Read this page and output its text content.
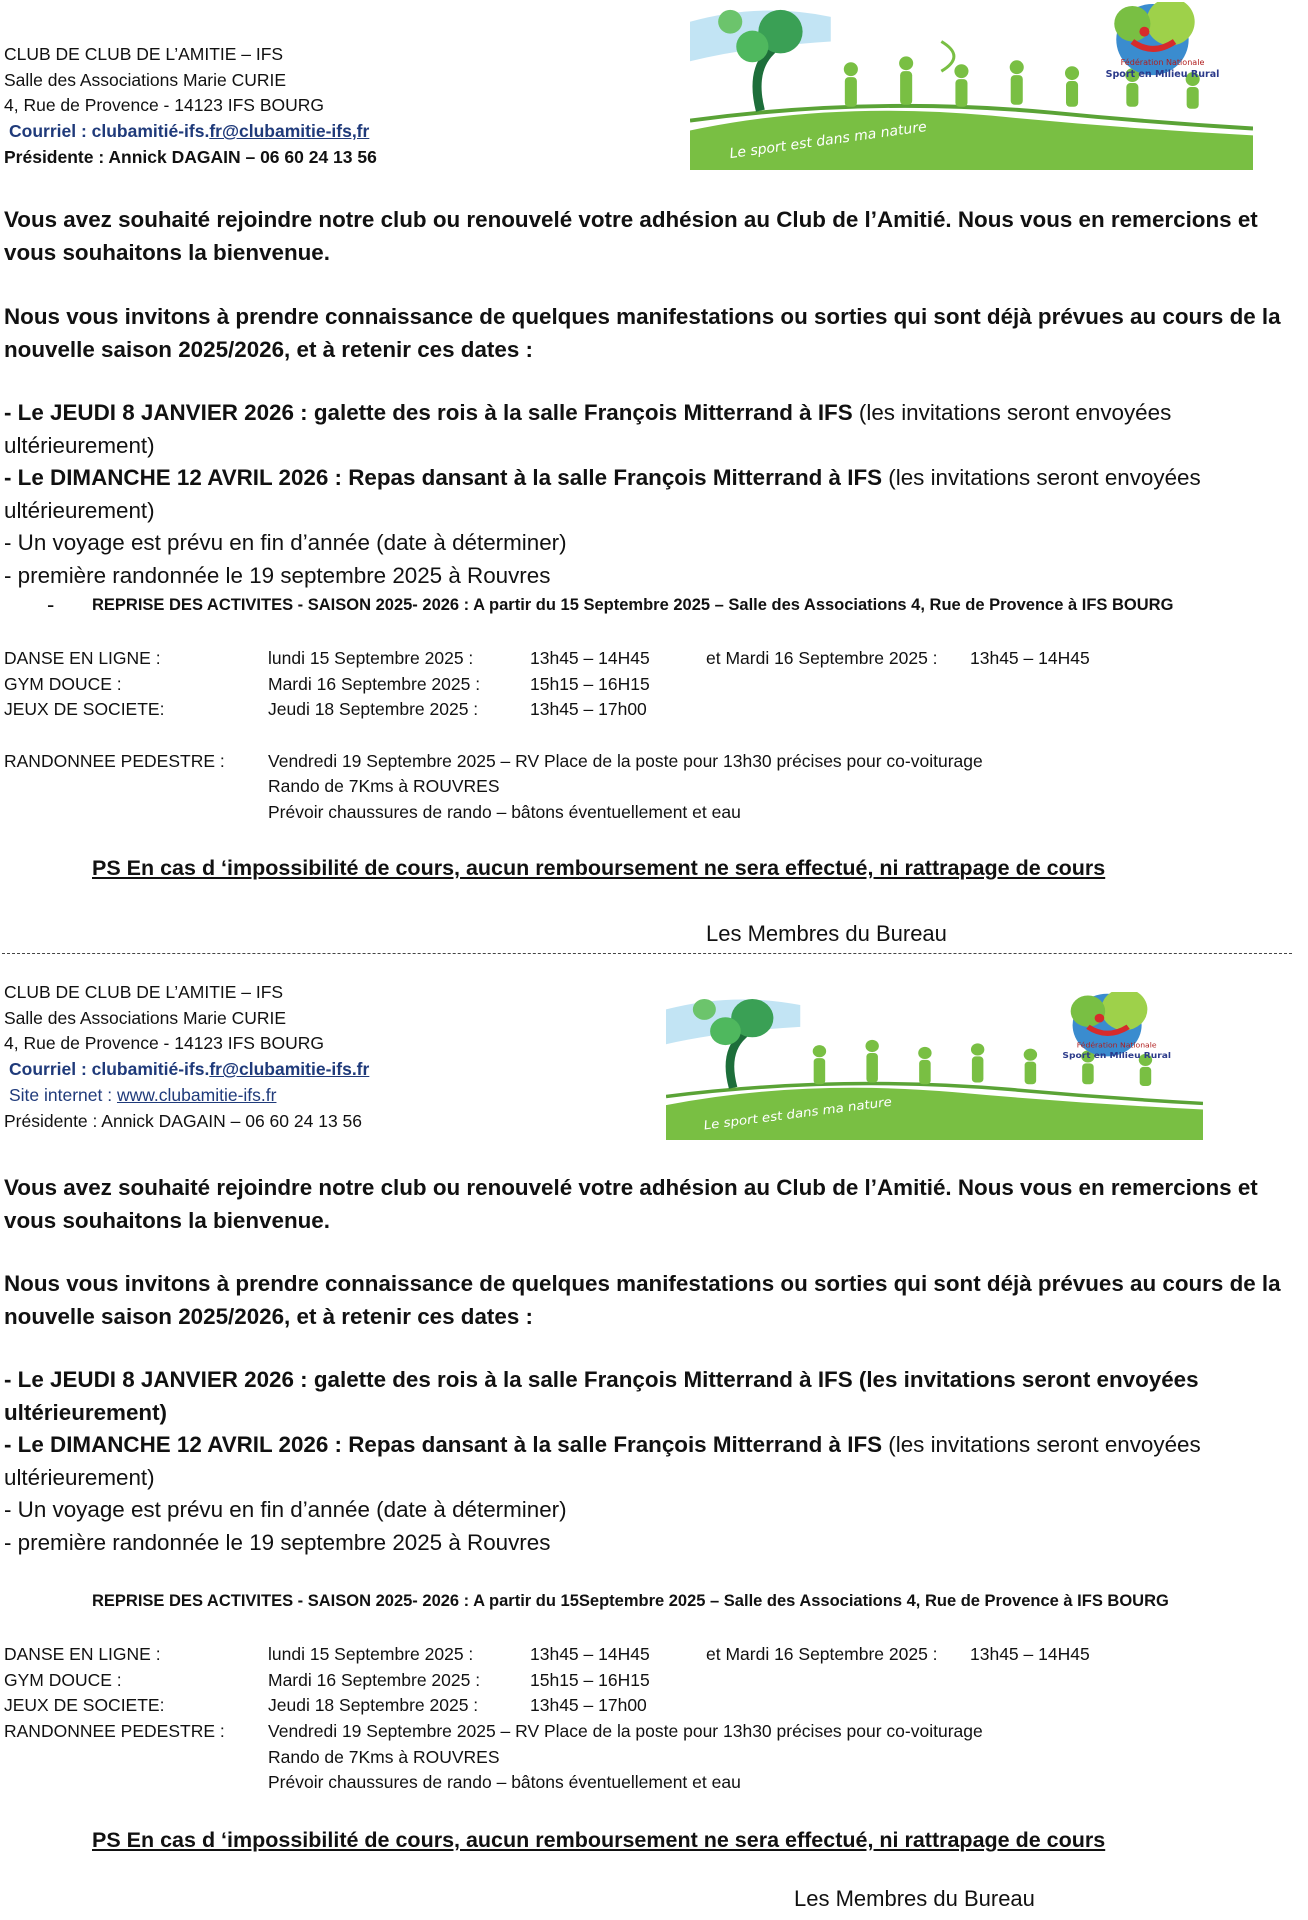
CLUB DE CLUB DE L’AMITIE – IFS
Salle des Associations Marie CURIE
4, Rue de Provence - 14123 IFS BOURG
Courriel : clubamitié-ifs.fr@clubamitie-ifs,fr
Présidente : Annick DAGAIN – 06 60 24 13 56
Fédération Nationale
Sport en Milieu Rural
Le sport est dans ma nature
Vous avez souhaité rejoindre notre club ou renouvelé votre adhésion au Club de l’Amitié. Nous vous en remercions et vous souhaitons la bienvenue.
Nous vous invitons à prendre connaissance de quelques manifestations ou sorties qui sont déjà prévues au cours de la nouvelle saison 2025/2026, et à retenir ces dates :
- Le JEUDI 8 JANVIER 2026 : galette des rois à la salle François Mitterrand à IFS (les invitations seront envoyées ultérieurement)
- Le DIMANCHE 12 AVRIL 2026 : Repas dansant à la salle François Mitterrand à IFS (les invitations seront envoyées ultérieurement)
- Un voyage est prévu en fin d’année (date à déterminer)
- première randonnée le 19 septembre 2025 à Rouvres
- REPRISE DES ACTIVITES - SAISON 2025- 2026 : A partir du 15 Septembre 2025 – Salle des Associations 4, Rue de Provence à IFS BOURG
DANSE EN LIGNE :	lundi 15 Septembre 2025 :	13h45 – 14H45	et Mardi 16 Septembre 2025 : 13h45 – 14H45
GYM DOUCE :	Mardi 16 Septembre 2025 :	15h15 – 16H15
JEUX DE SOCIETE:	Jeudi 18 Septembre 2025 :	13h45 – 17h00
RANDONNEE PEDESTRE : Vendredi 19 Septembre 2025 – RV Place de la poste pour 13h30 précises pour co-voiturage
Rando de 7Kms à ROUVRES
Prévoir chaussures de rando – bâtons éventuellement et eau
PS En cas d ‘impossibilité de cours, aucun remboursement ne sera effectué, ni rattrapage de cours
Les Membres du Bureau
CLUB DE CLUB DE L’AMITIE – IFS
Salle des Associations Marie CURIE
4, Rue de Provence - 14123 IFS BOURG
Courriel : clubamitié-ifs.fr@clubamitie-ifs.fr
Site internet : www.clubamitie-ifs.fr
Présidente : Annick DAGAIN – 06 60 24 13 56
Fédération Nationale
Sport en Milieu Rural
Le sport est dans ma nature
Vous avez souhaité rejoindre notre club ou renouvelé votre adhésion au Club de l’Amitié. Nous vous en remercions et vous souhaitons la bienvenue.
Nous vous invitons à prendre connaissance de quelques manifestations ou sorties qui sont déjà prévues au cours de la nouvelle saison 2025/2026, et à retenir ces dates :
- Le JEUDI 8 JANVIER 2026 : galette des rois à la salle François Mitterrand à IFS (les invitations seront envoyées ultérieurement)
- Le DIMANCHE 12 AVRIL 2026 : Repas dansant à la salle François Mitterrand à IFS (les invitations seront envoyées ultérieurement)
- Un voyage est prévu en fin d’année (date à déterminer)
- première randonnée le 19 septembre 2025 à Rouvres
REPRISE DES ACTIVITES - SAISON 2025- 2026 : A partir du 15Septembre 2025 – Salle des Associations 4, Rue de Provence à IFS BOURG
DANSE EN LIGNE :	lundi 15 Septembre 2025 :	13h45 – 14H45	et Mardi 16 Septembre 2025 : 13h45 – 14H45
GYM DOUCE :	Mardi 16 Septembre 2025 :	15h15 – 16H15
JEUX DE SOCIETE:	Jeudi 18 Septembre 2025 :	13h45 – 17h00
RANDONNEE PEDESTRE : Vendredi 19 Septembre 2025 – RV Place de la poste pour 13h30 précises pour co-voiturage
Rando de 7Kms à ROUVRES
Prévoir chaussures de rando – bâtons éventuellement et eau
PS En cas d ‘impossibilité de cours, aucun remboursement ne sera effectué, ni rattrapage de cours
Les Membres du Bureau
